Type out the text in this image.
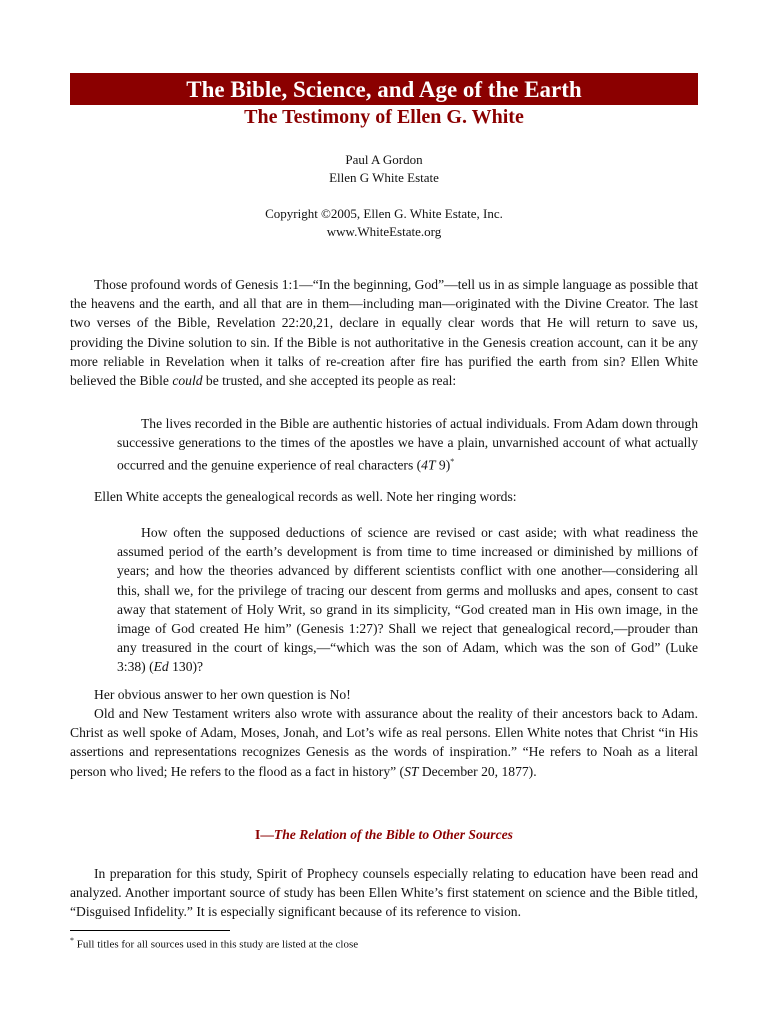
The Bible, Science, and Age of the Earth
The Testimony of Ellen G. White
Paul A Gordon
Ellen G White Estate
Copyright ©2005, Ellen G. White Estate, Inc.
www.WhiteEstate.org

Those profound words of Genesis 1:1—“In the beginning, God”—tell us in as simple language as possible that the heavens and the earth, and all that are in them—including man—originated with the Divine Creator. The last two verses of the Bible, Revelation 22:20,21, declare in equally clear words that He will return to save us, providing the Divine solution to sin. If the Bible is not authoritative in the Genesis creation account, can it be any more reliable in Revelation when it talks of re-creation after fire has purified the earth from sin? Ellen White believed the Bible could be trusted, and she accepted its people as real:

The lives recorded in the Bible are authentic histories of actual individuals. From Adam down through successive generations to the times of the apostles we have a plain, unvarnished account of what actually occurred and the genuine experience of real characters (4T 9)*

Ellen White accepts the genealogical records as well. Note her ringing words:

How often the supposed deductions of science are revised or cast aside; with what readiness the assumed period of the earth’s development is from time to time increased or diminished by millions of years; and how the theories advanced by different scientists conflict with one another—considering all this, shall we, for the privilege of tracing our descent from germs and mollusks and apes, consent to cast away that statement of Holy Writ, so grand in its simplicity, “God created man in His own image, in the image of God created He him” (Genesis 1:27)? Shall we reject that genealogical record,—prouder than any treasured in the court of kings,—“which was the son of Adam, which was the son of God” (Luke 3:38) (Ed 130)?

Her obvious answer to her own question is No!

Old and New Testament writers also wrote with assurance about the reality of their ancestors back to Adam. Christ as well spoke of Adam, Moses, Jonah, and Lot’s wife as real persons. Ellen White notes that Christ “in His assertions and representations recognizes Genesis as the words of inspiration.” “He refers to Noah as a literal person who lived; He refers to the flood as a fact in history” (ST December 20, 1877).

I—The Relation of the Bible to Other Sources

In preparation for this study, Spirit of Prophecy counsels especially relating to education have been read and analyzed. Another important source of study has been Ellen White’s first statement on science and the Bible titled, “Disguised Infidelity.” It is especially significant because of its reference to vision.

* Full titles for all sources used in this study are listed at the close
